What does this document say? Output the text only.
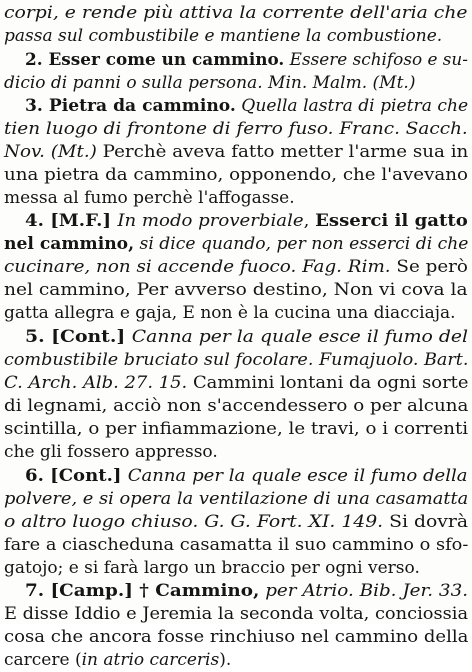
corpi, e rende più attiva la corrente dell'aria che
passa sul combustibile e mantiene la combustione.
2. Esser come un cammino. Essere schifoso e su-
dicio di panni o sulla persona. Min. Malm. (Mt.)
3. Pietra da cammino. Quella lastra di pietra che
tien luogo di frontone di ferro fuso. Franc. Sacch.
Nov. (Mt.) Perchè aveva fatto metter l'arme sua in
una pietra da cammino, opponendo, che l'avevano
messa al fumo perchè l'affogasse.
4. [M.F.] In modo proverbiale, Esserci il gatto
nel cammino, si dice quando, per non esserci di che
cucinare, non si accende fuoco. Fag. Rim. Se però
nel cammino, Per avverso destino, Non vi cova la
gatta allegra e gaja, E non è la cucina una diacciaja.
5. [Cont.] Canna per la quale esce il fumo del
combustibile bruciato sul focolare. Fumajuolo. Bart.
C. Arch. Alb. 27. 15. Cammini lontani da ogni sorte
di legnami, acciò non s'accendessero o per alcuna
scintilla, o per infiammazione, le travi, o i correnti
che gli fossero appresso.
6. [Cont.] Canna per la quale esce il fumo della
polvere, e si opera la ventilazione di una casamatta
o altro luogo chiuso. G. G. Fort. XI. 149. Si dovrà
fare a ciascheduna casamatta il suo cammino o sfo-
gatojo; e si farà largo un braccio per ogni verso.
7. [Camp.] † Cammino, per Atrio. Bib. Jer. 33.
E disse Iddio e Jeremia la seconda volta, conciossia
cosa che ancora fosse rinchiuso nel cammino della
carcere (in atrio carceris).
